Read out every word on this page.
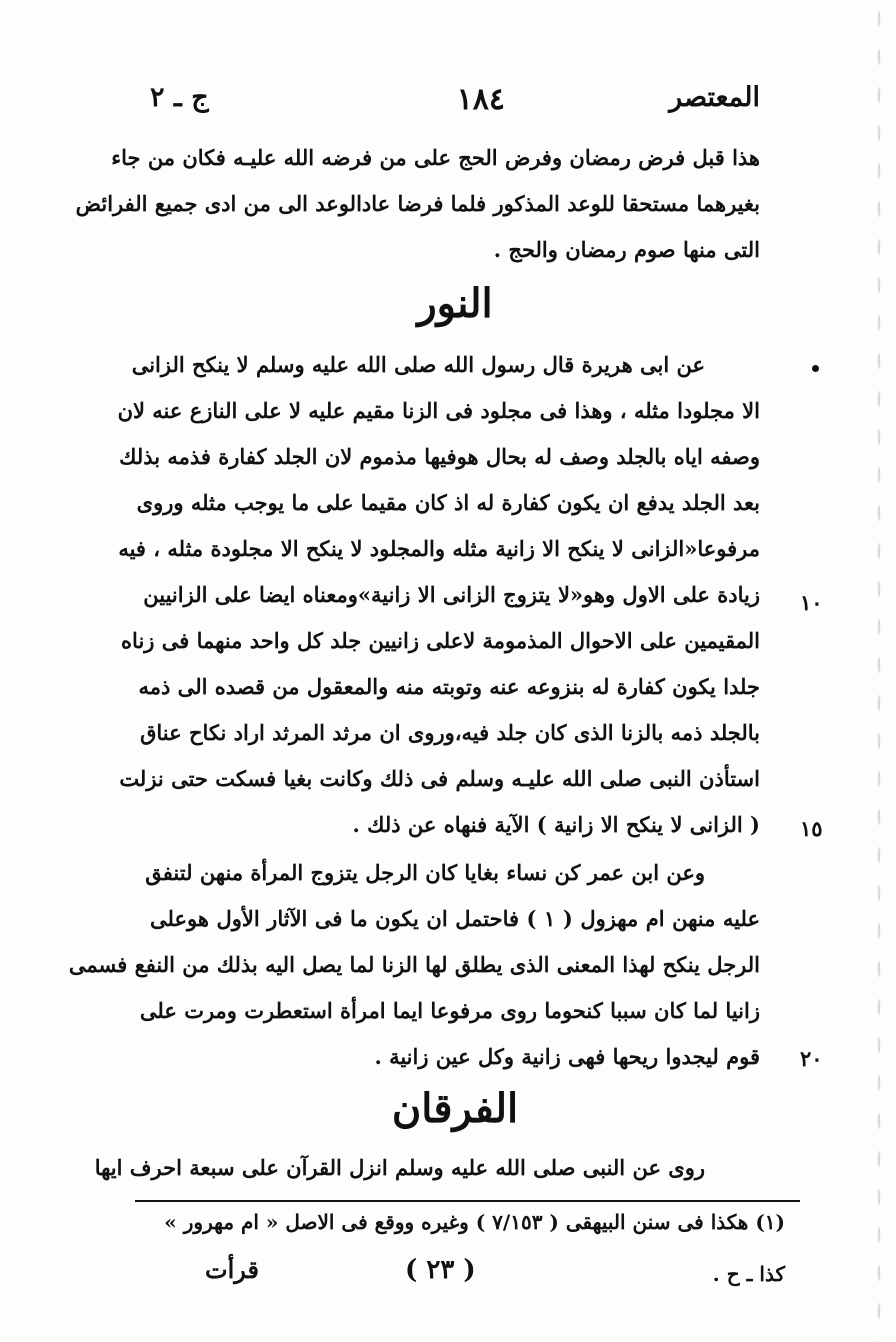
المعتصر
١٨٤
ج ـ ٢
هذا قبل فرض رمضان وفرض الحج على من فرضه الله عليـه فكان من جاء
بغيرهما مستحقا للوعد المذكور فلما فرضا عادالوعد الى من ادى جميع الفرائض
التى منها صوم رمضان والحج .
النور
عن ابى هريرة قال رسول الله صلى الله عليه وسلم لا ينكح الزانى
الا مجلودا مثله ، وهذا فى مجلود فى الزنا مقيم عليه لا على النازع عنه لان
وصفه اياه بالجلد وصف له بحال هوفيها مذموم لان الجلد كفارة فذمه بذلك
بعد الجلد يدفع ان يكون كفارة له اذ كان مقيما على ما يوجب مثله وروى
مرفوعا«الزانى لا ينكح الا زانية مثله والمجلود لا ينكح الا مجلودة مثله ، فيه
زيادة على الاول وهو«لا يتزوج الزانى الا زانية»ومعناه ايضا على الزانيين
المقيمين على الاحوال المذمومة لاعلى زانيين جلد كل واحد منهما فى زناه
جلدا يكون كفارة له بنزوعه عنه وتوبته منه والمعقول من قصده الى ذمه
بالجلد ذمه بالزنا الذى كان جلد فيه،وروى ان مرثد المرثد اراد نكاح عناق
استأذن النبى صلى الله عليـه وسلم فى ذلك وكانت بغيا فسكت حتى نزلت
( الزانى لا ينكح الا زانية ) الآية فنهاه عن ذلك .
وعن ابن عمر كن نساء بغايا كان الرجل يتزوج المرأة منهن لتنفق
عليه منهن ام مهزول ( ١ ) فاحتمل ان يكون ما فى الآثار الأول هوعلى
الرجل ينكح لهذا المعنى الذى يطلق لها الزنا لما يصل اليه بذلك من النفع فسمى
زانيا لما كان سببا كنحوما روى مرفوعا ايما امرأة استعطرت ومرت على
قوم ليجدوا ريحها فهى زانية وكل عين زانية .
١٠
١٥
٢٠
الفرقان
روى عن النبى صلى الله عليه وسلم انزل القرآن على سبعة احرف ايها
(١) هكذا فى سنن البيهقى ( ٧/١٥٣ ) وغيره ووقع فى الاصل « ام مهرور »
كذا ـ ح .
( ٢٣ )
قرأت
